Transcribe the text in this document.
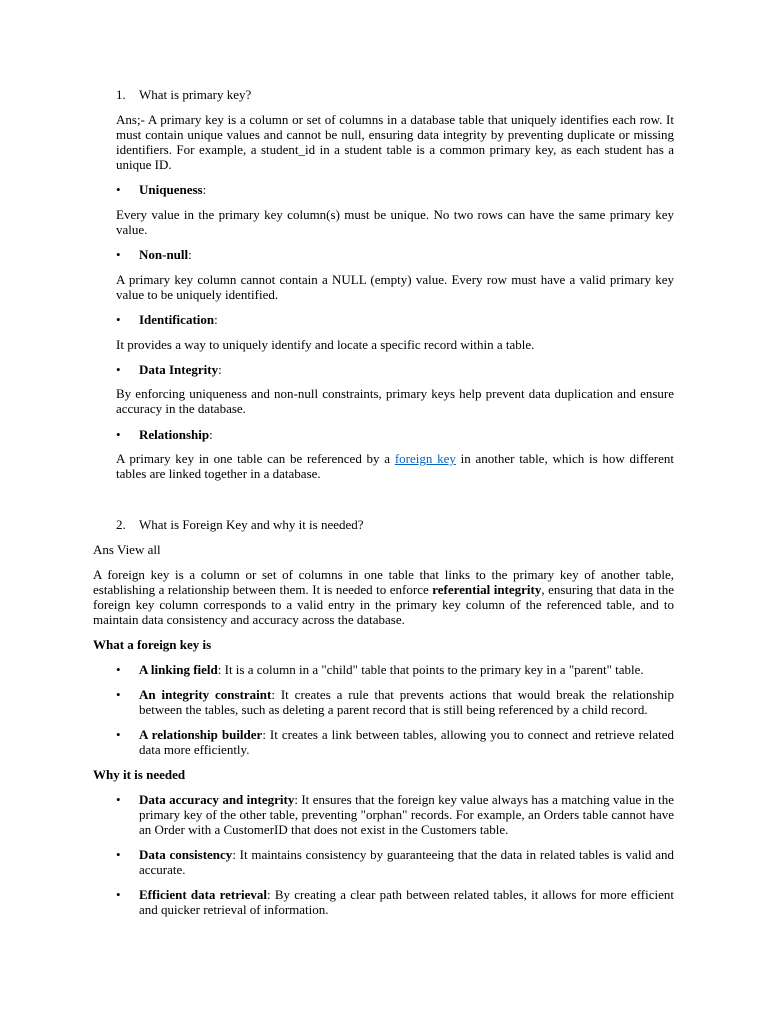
1.	What is primary key?

Ans;- A primary key is a column or set of columns in a database table that uniquely identifies each row. It must contain unique values and cannot be null, ensuring data integrity by preventing duplicate or missing identifiers. For example, a student_id in a student table is a common primary key, as each student has a unique ID.

•

Uniqueness:

Every value in the primary key column(s) must be unique. No two rows can have the same primary key value.

•

Non-null:

A primary key column cannot contain a NULL (empty) value. Every row must have a valid primary key value to be uniquely identified.

•

Identification:

It provides a way to uniquely identify and locate a specific record within a table.

•

Data Integrity:

By enforcing uniqueness and non-null constraints, primary keys help prevent data duplication and ensure accuracy in the database.

•

Relationship:

A primary key in one table can be referenced by a foreign key in another table, which is how different tables are linked together in a database.

2.	What is Foreign Key and why it is needed?

Ans View all

A foreign key is a column or set of columns in one table that links to the primary key of another table, establishing a relationship between them. It is needed to enforce referential integrity, ensuring that data in the foreign key column corresponds to a valid entry in the primary key column of the referenced table, and to maintain data consistency and accuracy across the database.

What a foreign key is

•

A linking field: It is a column in a "child" table that points to the primary key in a "parent" table.

•

An integrity constraint: It creates a rule that prevents actions that would break the relationship between the tables, such as deleting a parent record that is still being referenced by a child record.

•

A relationship builder: It creates a link between tables, allowing you to connect and retrieve related data more efficiently.

Why it is needed

•

Data accuracy and integrity: It ensures that the foreign key value always has a matching value in the primary key of the other table, preventing "orphan" records. For example, an Orders table cannot have an Order with a CustomerID that does not exist in the Customers table.

•

Data consistency: It maintains consistency by guaranteeing that the data in related tables is valid and accurate.

•

Efficient data retrieval: By creating a clear path between related tables, it allows for more efficient and quicker retrieval of information.
